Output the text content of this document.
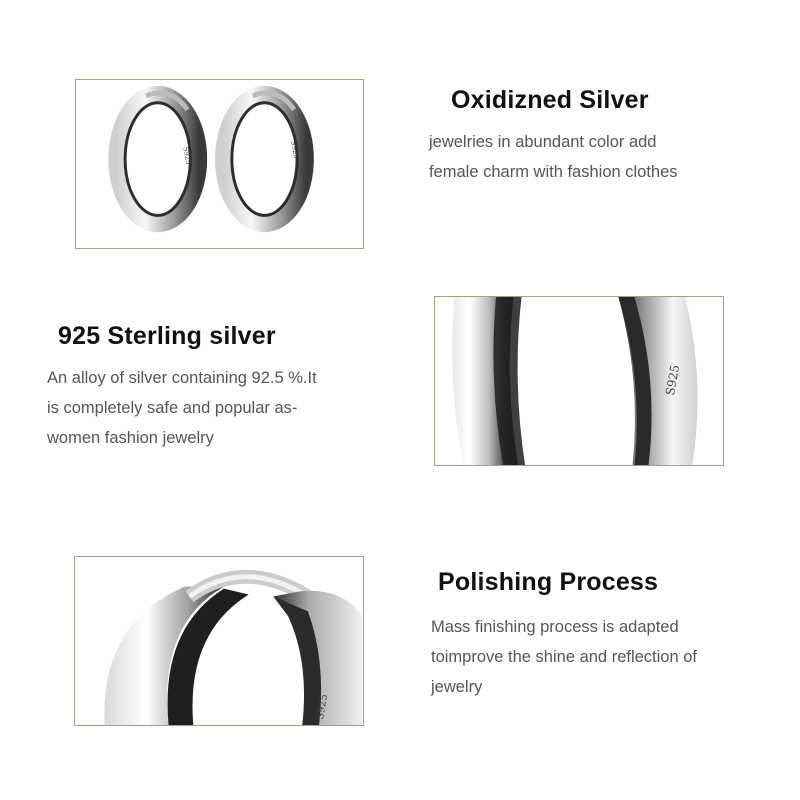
S925	S925
Oxidizned Silver
jewelries in abundant color add
female charm with fashion clothes
925 Sterling silver
An alloy of silver containing 92.5 %.It
is completely safe and popular as-
women fashion jewelry
S925
S925
Polishing Process
Mass finishing process is adapted
toimprove the shine and reflection of
jewelry
